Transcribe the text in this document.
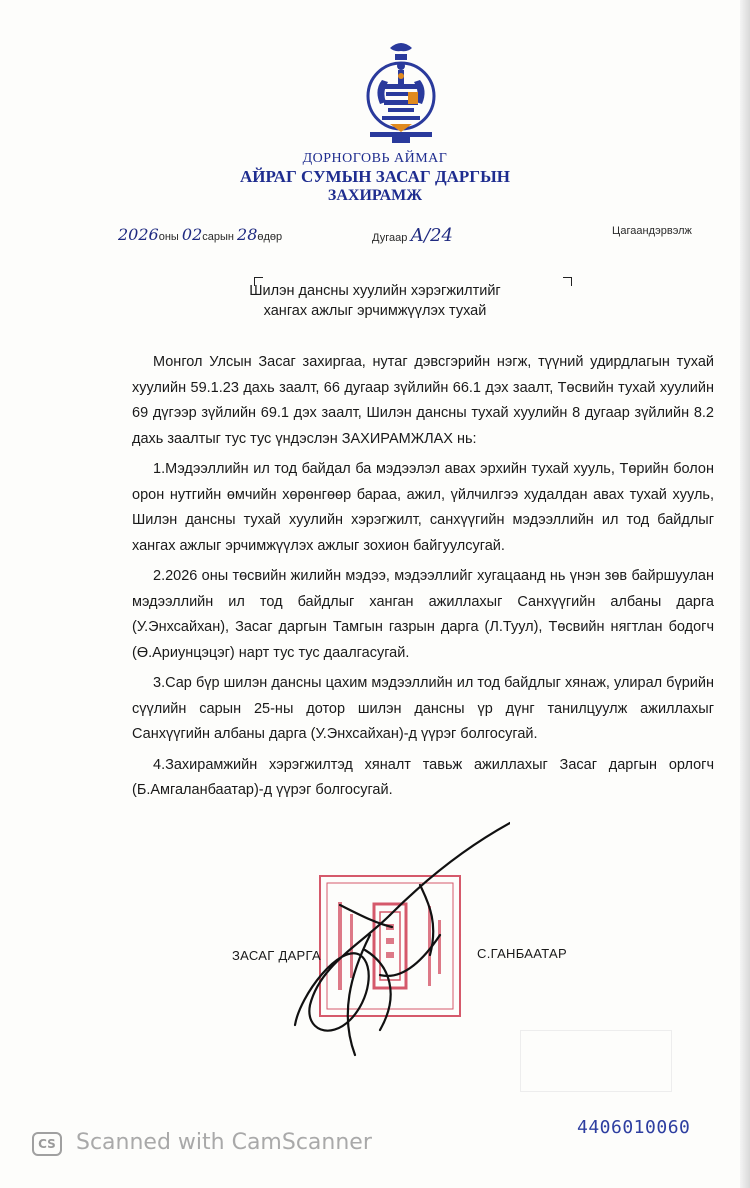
ДОРНОГОВЬ АЙМАГ
АЙРАГ СУМЫН ЗАСАГ ДАРГЫН
ЗАХИРАМЖ
2026оны 02сарын 28өдөр	Дугаар А/24	Цагаандэрвэлж
Шилэн дансны хуулийн хэрэгжилтийг
хангах ажлыг эрчимжүүлэх тухай

Монгол Улсын Засаг захиргаа, нутаг дэвсгэрийн нэгж, түүний удирдлагын тухай хуулийн 59.1.23 дахь заалт, 66 дугаар зүйлийн 66.1 дэх заалт, Төсвийн тухай хуулийн 69 дүгээр зүйлийн 69.1 дэх заалт, Шилэн дансны тухай хуулийн 8 дугаар зүйлийн 8.2 дахь заалтыг тус тус үндэслэн ЗАХИРАМЖЛАХ нь:

1.Мэдээллийн ил тод байдал ба мэдээлэл авах эрхийн тухай хууль, Төрийн болон орон нутгийн өмчийн хөрөнгөөр бараа, ажил, үйлчилгээ худалдан авах тухай хууль, Шилэн дансны тухай хуулийн хэрэгжилт, санхүүгийн мэдээллийн ил тод байдлыг хангах ажлыг эрчимжүүлэх ажлыг зохион байгуулсугай.

2.2026 оны төсвийн жилийн мэдээ, мэдээллийг хугацаанд нь үнэн зөв байршуулан мэдээллийн ил тод байдлыг ханган ажиллахыг Санхүүгийн албаны дарга (У.Энхсайхан), Засаг даргын Тамгын газрын дарга (Л.Туул), Төсвийн нягтлан бодогч (Ө.Ариунцэцэг) нарт тус тус даалгасугай.

3.Сар бүр шилэн дансны цахим мэдээллийн ил тод байдлыг хянаж, улирал бүрийн сүүлийн сарын 25-ны дотор шилэн дансны үр дүнг танилцуулж ажиллахыг Санхүүгийн албаны дарга (У.Энхсайхан)-д үүрэг болгосугай.

4.Захирамжийн хэрэгжилтэд хяналт тавьж ажиллахыг Засаг даргын орлогч (Б.Амгаланбаатар)-д үүрэг болгосугай.

ЗАСАГ ДАРГА	С.ГАНБААТАР
4406010060
CS Scanned with CamScanner
